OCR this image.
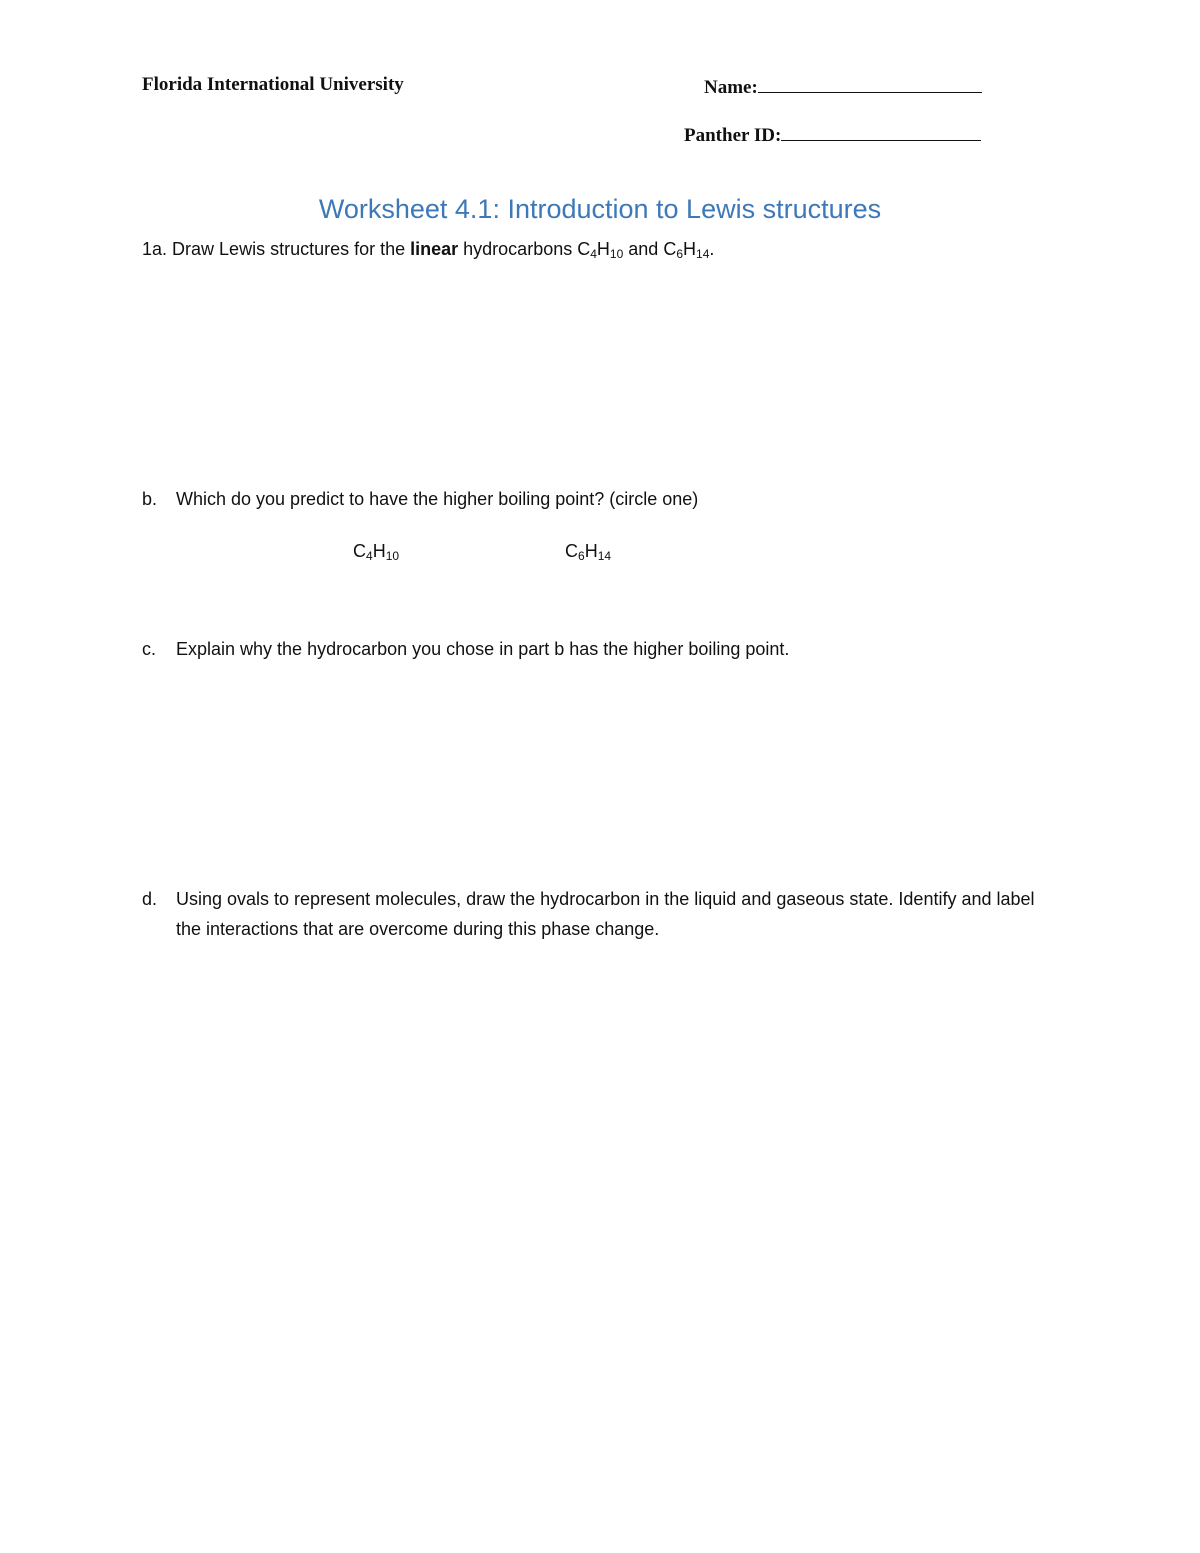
Florida International University	Name:
Panther ID:
Worksheet 4.1: Introduction to Lewis structures
1a. Draw Lewis structures for the linear hydrocarbons $C_4H_{10}$ and $C_6H_{14}$.
b. Which do you predict to have the higher boiling point? (circle one)
$C_4H_{10}$	$C_6H_{14}$
c. Explain why the hydrocarbon you chose in part b has the higher boiling point.
d. Using ovals to represent molecules, draw the hydrocarbon in the liquid and gaseous state. Identify and label the interactions that are overcome during this phase change.
